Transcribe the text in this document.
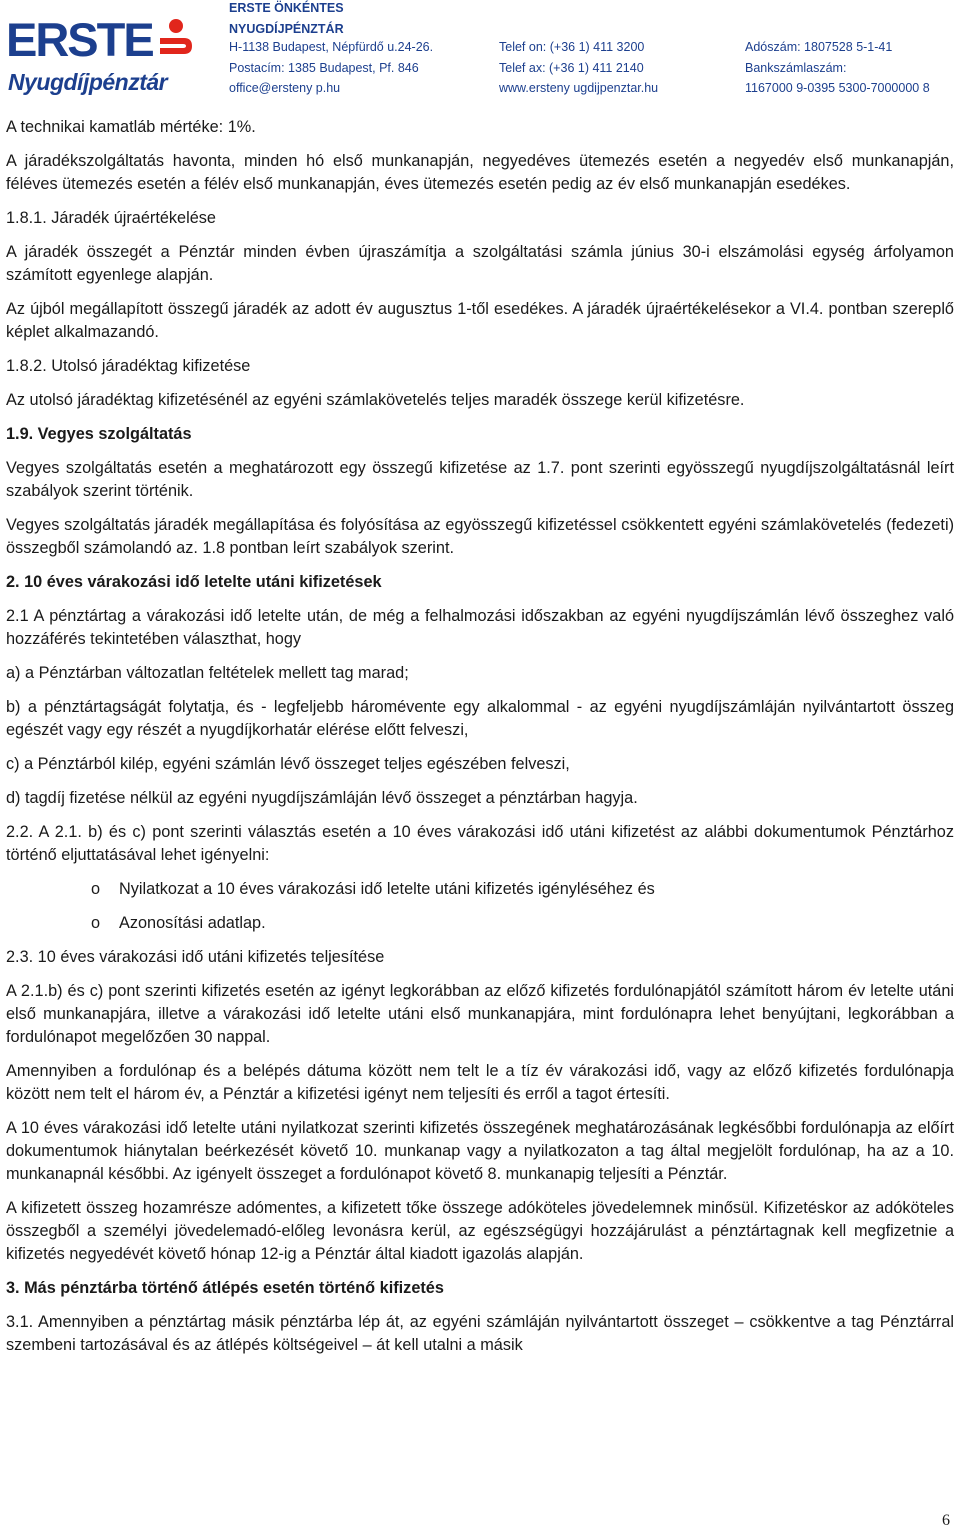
ERSTE
Nyugdíjpénztár
ERSTE ÖNKÉNTES
NYUGDÍJPÉNZTÁR
H-1138 Budapest, Népfürdő u.24-26.
Postacím: 1385 Budapest, Pf. 846
office@ersteny p.hu
Telef on: (+36 1) 411 3200
Telef ax: (+36 1) 411 2140
www.ersteny ugdijpenztar.hu
Adószám: 1807528 5-1-41
Bankszámlaszám:
1167000 9-0395 5300-7000000 8

A technikai kamatláb mértéke: 1%.

A járadékszolgáltatás havonta, minden hó első munkanapján, negyedéves ütemezés esetén a negyedév első munkanapján, féléves ütemezés esetén a félév első munkanapján, éves ütemezés esetén pedig az év első munkanapján esedékes.

1.8.1. Járadék újraértékelése

A járadék összegét a Pénztár minden évben újraszámítja a szolgáltatási számla június 30-i elszámolási egység árfolyamon számított egyenlege alapján.

Az újból megállapított összegű járadék az adott év augusztus 1-től esedékes. A járadék újraértékelésekor a VI.4. pontban szereplő képlet alkalmazandó.

1.8.2. Utolsó járadéktag kifizetése

Az utolsó járadéktag kifizetésénél az egyéni számlakövetelés teljes maradék összege kerül kifizetésre.

1.9. Vegyes szolgáltatás

Vegyes szolgáltatás esetén a meghatározott egy összegű kifizetése az 1.7. pont szerinti egyösszegű nyugdíjszolgáltatásnál leírt szabályok szerint történik.

Vegyes szolgáltatás járadék megállapítása és folyósítása az egyösszegű kifizetéssel csökkentett egyéni számlakövetelés (fedezeti) összegből számolandó az. 1.8 pontban leírt szabályok szerint.

2. 10 éves várakozási idő letelte utáni kifizetések

2.1 A pénztártag a várakozási idő letelte után, de még a felhalmozási időszakban az egyéni nyugdíjszámlán lévő összeghez való hozzáférés tekintetében választhat, hogy

a) a Pénztárban változatlan feltételek mellett tag marad;

b) a pénztártagságát folytatja, és - legfeljebb háromévente egy alkalommal - az egyéni nyugdíjszámláján nyilvántartott összeg egészét vagy egy részét a nyugdíjkorhatár elérése előtt felveszi,

c) a Pénztárból kilép, egyéni számlán lévő összeget teljes egészében felveszi,

d) tagdíj fizetése nélkül az egyéni nyugdíjszámláján lévő összeget a pénztárban hagyja.

2.2. A 2.1. b) és c) pont szerinti választás esetén a 10 éves várakozási idő utáni kifizetést az alábbi dokumentumok Pénztárhoz történő eljuttatásával lehet igényelni:

o	Nyilatkozat a 10 éves várakozási idő letelte utáni kifizetés igényléséhez és
o	Azonosítási adatlap.

2.3. 10 éves várakozási idő utáni kifizetés teljesítése

A 2.1.b) és c) pont szerinti kifizetés esetén az igényt legkorábban az előző kifizetés fordulónapjától számított három év letelte utáni első munkanapjára, illetve a várakozási idő letelte utáni első munkanapjára, mint fordulónapra lehet benyújtani, legkorábban a fordulónapot megelőzően 30 nappal.

Amennyiben a fordulónap és a belépés dátuma között nem telt le a tíz év várakozási idő, vagy az előző kifizetés fordulónapja között nem telt el három év, a Pénztár a kifizetési igényt nem teljesíti és erről a tagot értesíti.

A 10 éves várakozási idő letelte utáni nyilatkozat szerinti kifizetés összegének meghatározásának legkésőbbi fordulónapja az előírt dokumentumok hiánytalan beérkezését követő 10. munkanap vagy a nyilatkozaton a tag által megjelölt fordulónap, ha az a 10. munkanapnál későbbi. Az igényelt összeget a fordulónapot követő 8. munkanapig teljesíti a Pénztár.

A kifizetett összeg hozamrésze adómentes, a kifizetett tőke összege adóköteles jövedelemnek minősül. Kifizetéskor az adóköteles összegből a személyi jövedelemadó-előleg levonásra kerül, az egészségügyi hozzájárulást a pénztártagnak kell megfizetnie a kifizetés negyedévét követő hónap 12-ig a Pénztár által kiadott igazolás alapján.

3. Más pénztárba történő átlépés esetén történő kifizetés

3.1. Amennyiben a pénztártag másik pénztárba lép át, az egyéni számláján nyilvántartott összeget – csökkentve a tag Pénztárral szembeni tartozásával és az átlépés költségeivel – át kell utalni a másik

6
